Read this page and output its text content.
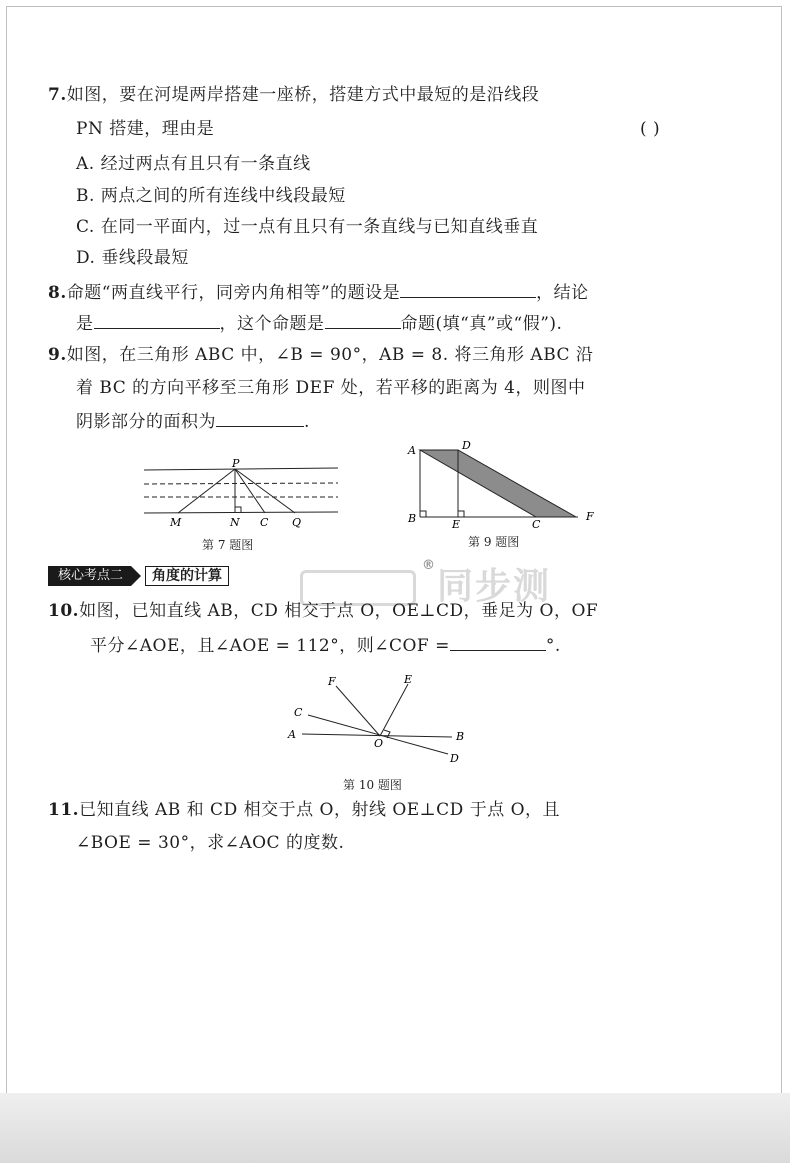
7.如图，要在河堤两岸搭建一座桥，搭建方式中最短的是沿线段
PN 搭建，理由是	( )
A. 经过两点有且只有一条直线
B. 两点之间的所有连线中线段最短
C. 在同一平面内，过一点有且只有一条直线与已知直线垂直
D. 垂线段最短
8.命题“两直线平行，同旁内角相等”的题设是	，结论
是	，这个命题是	命题(填“真”或“假”).
9.如图，在三角形 ABC 中，∠B = 90°，AB = 8. 将三角形 ABC 沿
着 BC 的方向平移至三角形 DEF 处，若平移的距离为 4，则图中
阴影部分的面积为	.
P
M	N C Q
第 7 题图
A	D
B	E	C
F
第 9 题图
®同步测
核心考点二	角度的计算
10.如图，已知直线 AB，CD 相交于点 O，OE⊥CD，垂足为 O，OF
平分∠AOE，且∠AOE = 112°，则∠COF =	°.
F	E
C
A
O
B
D
第 10 题图
11.已知直线 AB 和 CD 相交于点 O，射线 OE⊥CD 于点 O，且
∠BOE = 30°，求∠AOC 的度数.
